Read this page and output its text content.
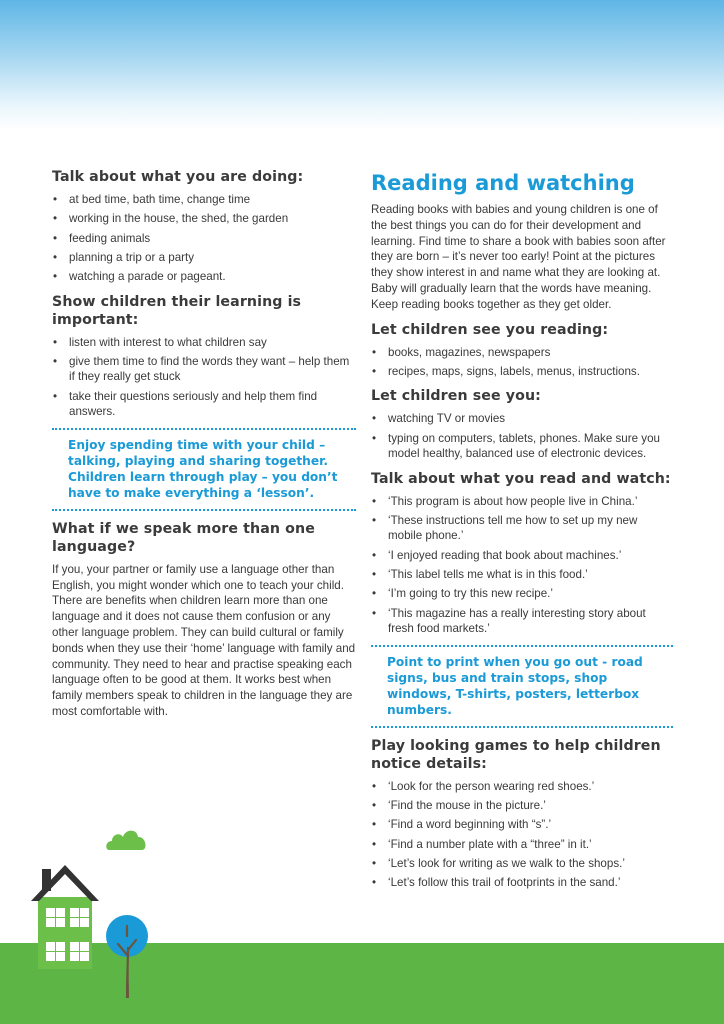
Talk about what you are doing:
• at bed time, bath time, change time
• working in the house, the shed, the garden
• feeding animals
• planning a trip or a party
• watching a parade or pageant.
Show children their learning is important:
• listen with interest to what children say
• give them time to find the words they want – help them if they really get stuck
• take their questions seriously and help them find answers.
Enjoy spending time with your child – talking, playing and sharing together. Children learn through play – you don’t have to make everything a ‘lesson’.
What if we speak more than one language?

If you, your partner or family use a language other than English, you might wonder which one to teach your child. There are benefits when children learn more than one language and it does not cause them confusion or any other language problem. They can build cultural or family bonds when they use their ‘home’ language with family and community. They need to hear and practise speaking each language often to be good at them. It works best when family members speak to children in the language they are most comfortable with.

Reading and watching

Reading books with babies and young children is one of the best things you can do for their development and learning. Find time to share a book with babies soon after they are born – it’s never too early! Point at the pictures they show interest in and name what they are looking at. Baby will gradually learn that the words have meaning. Keep reading books together as they get older.

Let children see you reading:
• books, magazines, newspapers
• recipes, maps, signs, labels, menus, instructions.
Let children see you:
• watching TV or movies
• typing on computers, tablets, phones. Make sure you model healthy, balanced use of electronic devices.
Talk about what you read and watch:
• ‘This program is about how people live in China.’
• ‘These instructions tell me how to set up my new mobile phone.’
• ‘I enjoyed reading that book about machines.’
• ‘This label tells me what is in this food.’
• ‘I’m going to try this new recipe.’
• ‘This magazine has a really interesting story about fresh food markets.’
Point to print when you go out - road signs, bus and train stops, shop windows, T-shirts, posters, letterbox numbers.
Play looking games to help children notice details:
• ‘Look for the person wearing red shoes.’
• ‘Find the mouse in the picture.’
• ‘Find a word beginning with “s”.’
• ‘Find a number plate with a “three” in it.’
• ‘Let’s look for writing as we walk to the shops.’
• ‘Let’s follow this trail of footprints in the sand.’
